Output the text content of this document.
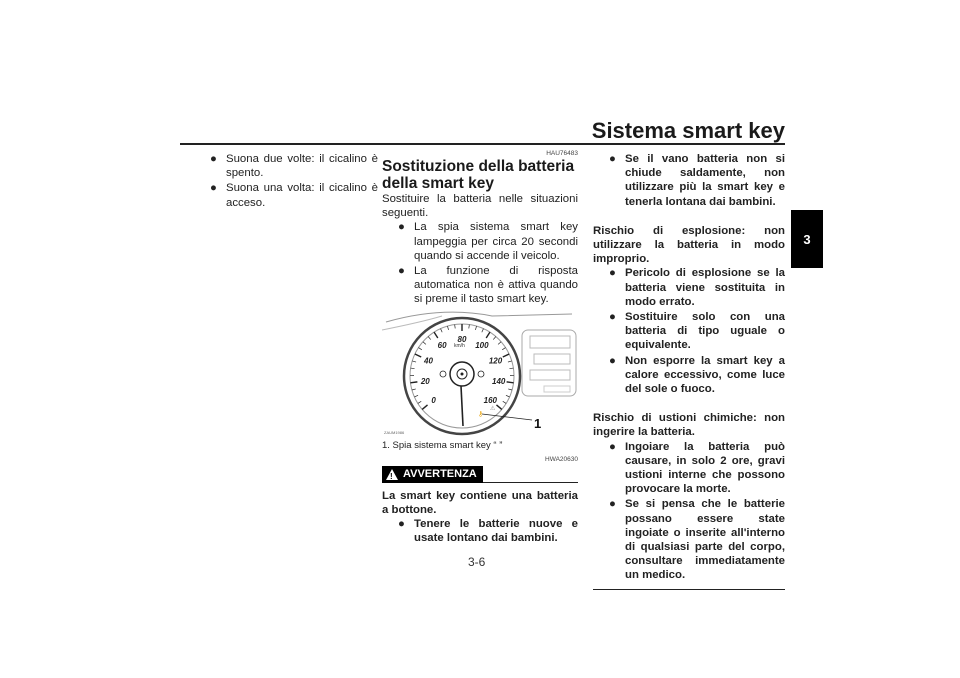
Sistema smart key
3
● Suona due volte: il cicalino è spento.
● Suona una volta: il cicalino è acceso.
HAU76483
Sostituzione della batteria della smart key

Sostituire la batteria nelle situazioni seguenti.

● La spia sistema smart key lampeggia per circa 20 secondi quando si accende il veicolo.
● La funzione di risposta automatica non è attiva quando si preme il tasto smart key.
0
20
40
60
80
100
120
140
160
km/h
⚷
⚠
1
ZAUM1986
1. Spia sistema smart key “ ”
HWA20630
! AVVERTENZA

La smart key contiene una batteria a bottone.

● Tenere le batterie nuove e usate lontano dai bambini.
● Se il vano batteria non si chiude saldamente, non utilizzare più la smart key e tenerla lontana dai bambini.

Rischio di esplosione: non utilizzare la batteria in modo improprio.

● Pericolo di esplosione se la batteria viene sostituita in modo errato.
● Sostituire solo con una batteria di tipo uguale o equivalente.
● Non esporre la smart key a calore eccessivo, come luce del sole o fuoco.

Rischio di ustioni chimiche: non ingerire la batteria.

● Ingoiare la batteria può causare, in solo 2 ore, gravi ustioni interne che possono provocare la morte.
● Se si pensa che le batterie possano essere state ingoiate o inserite all'interno di qualsiasi parte del corpo, consultare immediatamente un medico.
3-6
